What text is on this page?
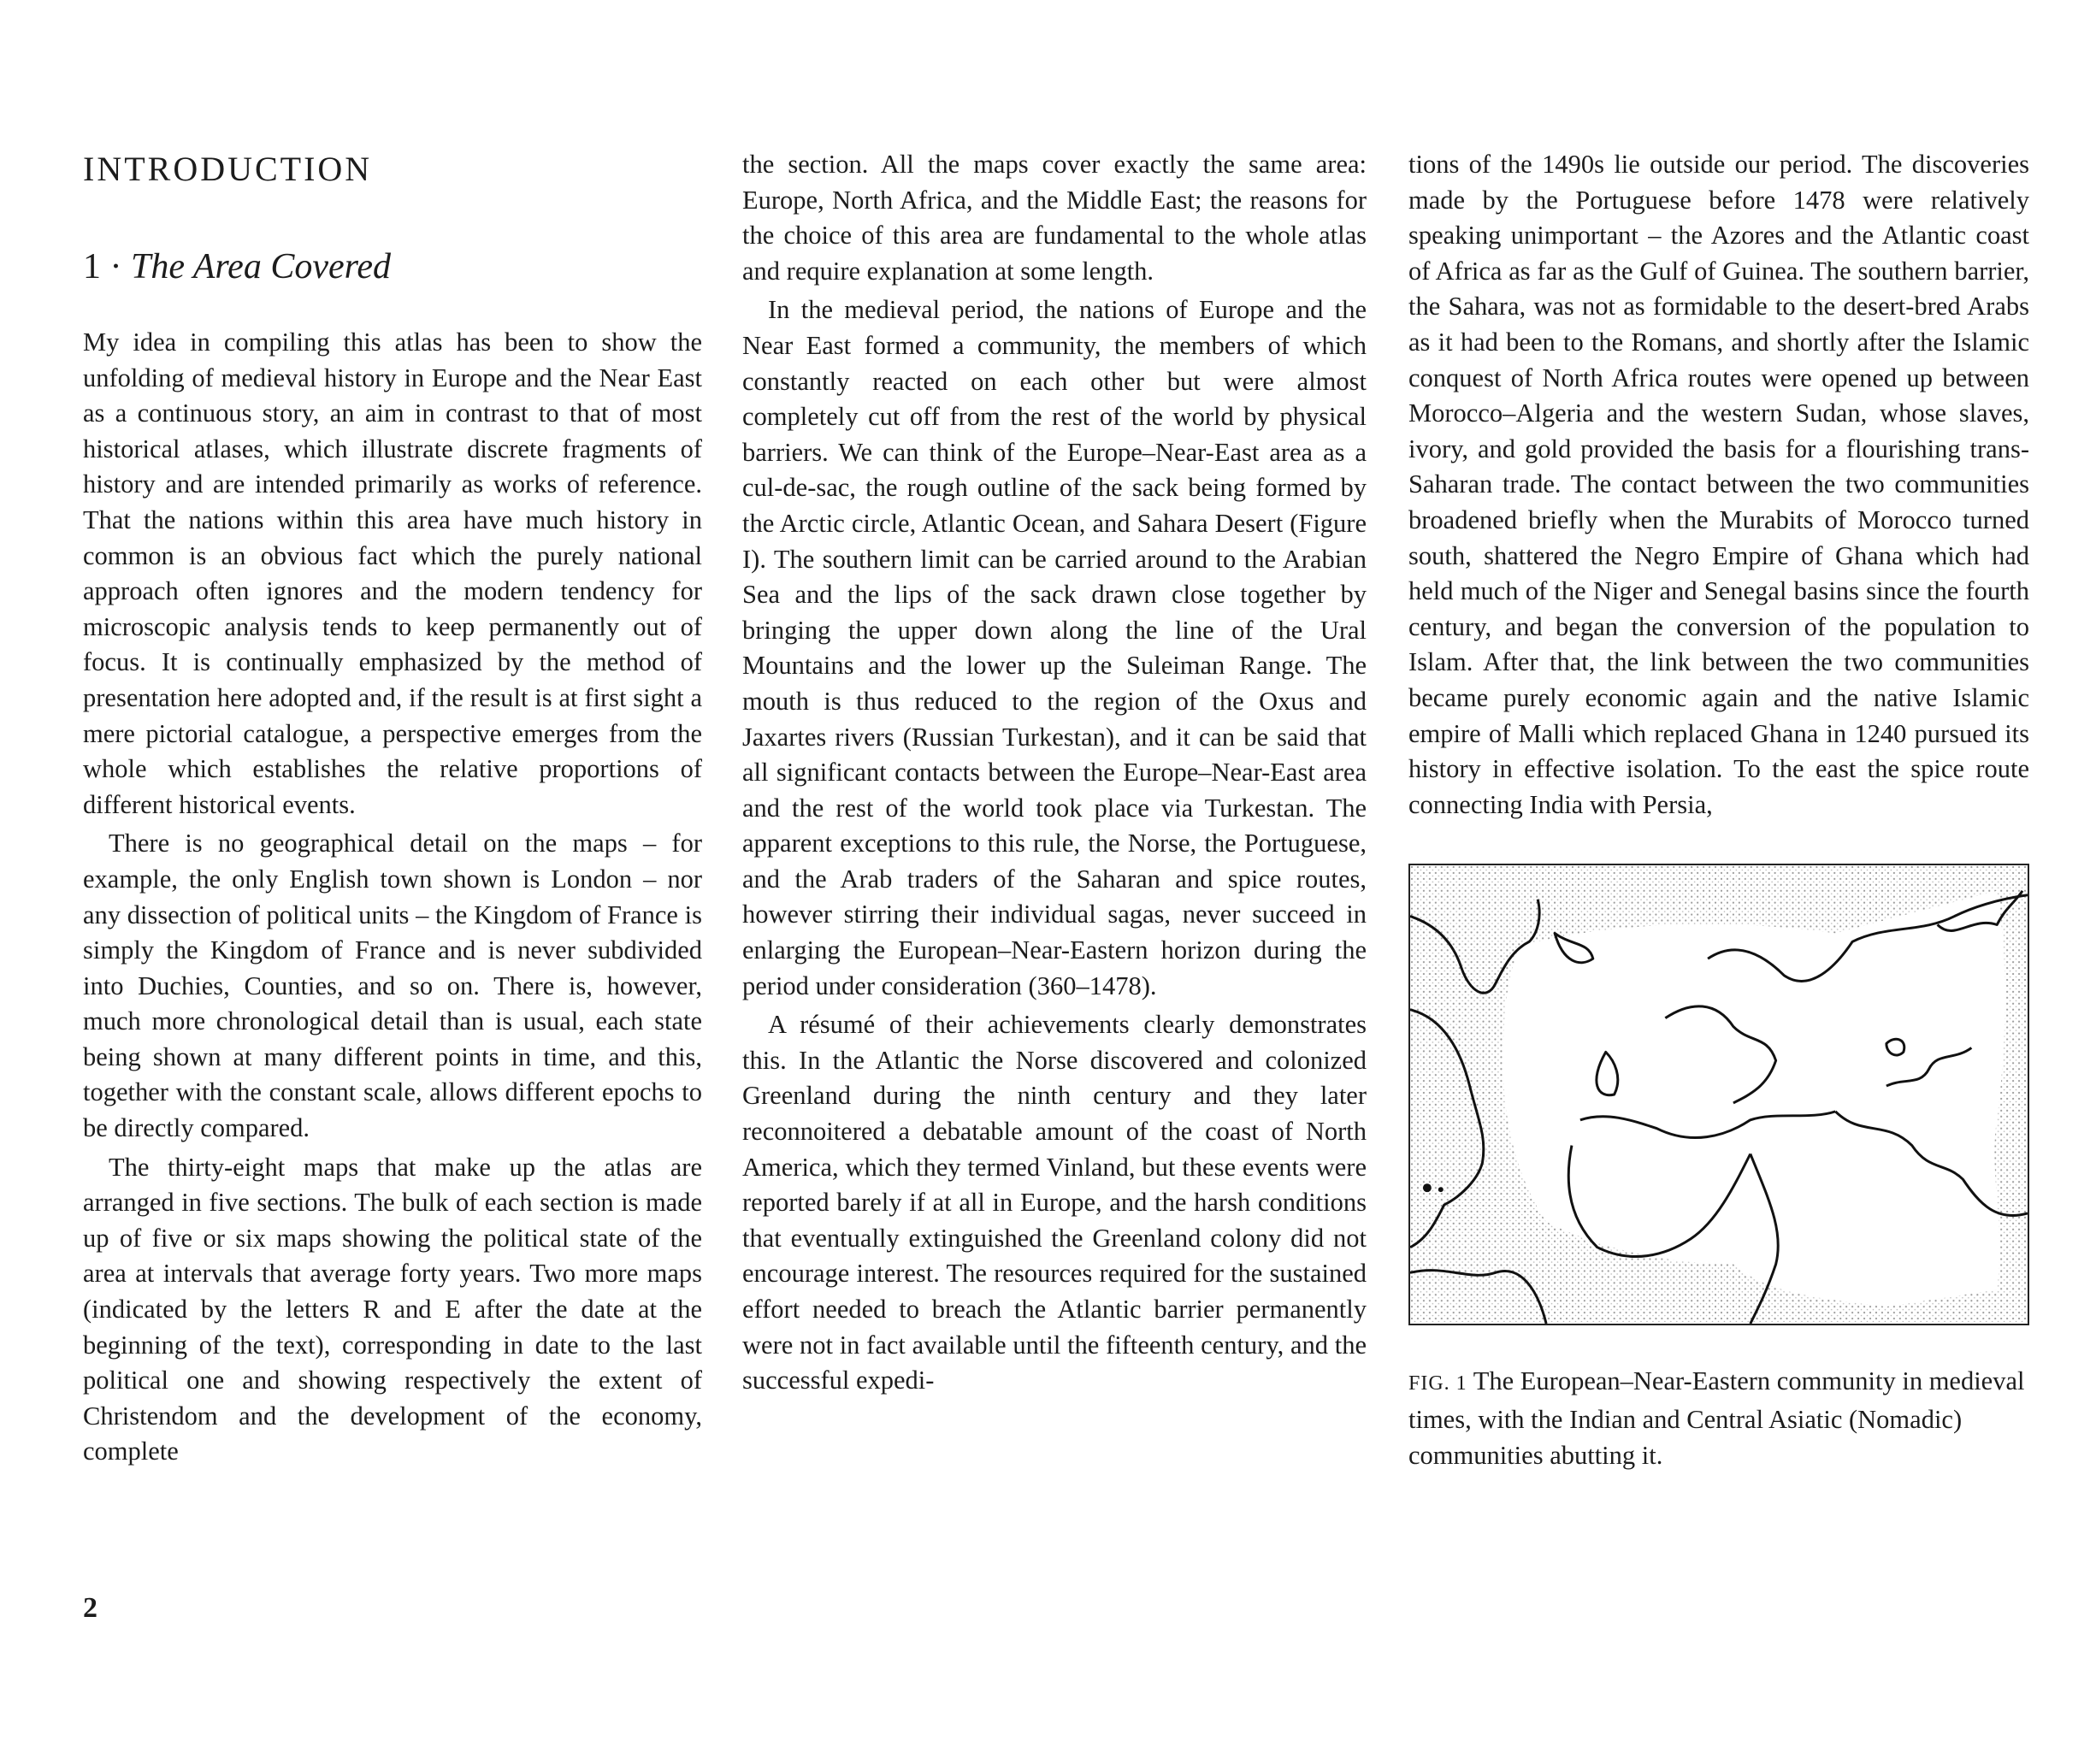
INTRODUCTION
1 · The Area Covered

My idea in compiling this atlas has been to show the unfolding of medieval history in Europe and the Near East as a continuous story, an aim in contrast to that of most historical atlases, which illustrate discrete fragments of history and are intended primarily as works of reference. That the nations within this area have much history in common is an obvious fact which the purely national approach often ignores and the modern tendency for microscopic analysis tends to keep permanently out of focus. It is continually emphasized by the method of presentation here adopted and, if the result is at first sight a mere pictorial catalogue, a perspective emerges from the whole which establishes the relative proportions of different historical events.

There is no geographical detail on the maps – for example, the only English town shown is London – nor any dissection of political units – the Kingdom of France is simply the Kingdom of France and is never subdivided into Duchies, Counties, and so on. There is, however, much more chronological detail than is usual, each state being shown at many different points in time, and this, together with the constant scale, allows different epochs to be directly compared.

The thirty-eight maps that make up the atlas are arranged in five sections. The bulk of each section is made up of five or six maps showing the political state of the area at intervals that average forty years. Two more maps (indicated by the letters R and E after the date at the beginning of the text), corresponding in date to the last political one and showing respectively the extent of Christendom and the development of the economy, complete

the section. All the maps cover exactly the same area: Europe, North Africa, and the Middle East; the reasons for the choice of this area are fundamental to the whole atlas and require explanation at some length.

In the medieval period, the nations of Europe and the Near East formed a community, the members of which constantly reacted on each other but were almost completely cut off from the rest of the world by physical barriers. We can think of the Europe–Near-East area as a cul-de-sac, the rough outline of the sack being formed by the Arctic circle, Atlantic Ocean, and Sahara Desert (Figure I). The southern limit can be carried around to the Arabian Sea and the lips of the sack drawn close together by bringing the upper down along the line of the Ural Mountains and the lower up the Suleiman Range. The mouth is thus reduced to the region of the Oxus and Jaxartes rivers (Russian Turkestan), and it can be said that all significant contacts between the Europe–Near-East area and the rest of the world took place via Turkestan. The apparent exceptions to this rule, the Norse, the Portuguese, and the Arab traders of the Saharan and spice routes, however stirring their individual sagas, never succeed in enlarging the European–Near-Eastern horizon during the period under consideration (360–1478).

A résumé of their achievements clearly demonstrates this. In the Atlantic the Norse discovered and colonized Greenland during the ninth century and they later reconnoitered a debatable amount of the coast of North America, which they termed Vinland, but these events were reported barely if at all in Europe, and the harsh conditions that eventually extinguished the Greenland colony did not encourage interest. The resources required for the sustained effort needed to breach the Atlantic barrier permanently were not in fact available until the fifteenth century, and the successful expedi-

tions of the 1490s lie outside our period. The discoveries made by the Portuguese before 1478 were relatively speaking unimportant – the Azores and the Atlantic coast of Africa as far as the Gulf of Guinea. The southern barrier, the Sahara, was not as formidable to the desert-bred Arabs as it had been to the Romans, and shortly after the Islamic conquest of North Africa routes were opened up between Morocco–Algeria and the western Sudan, whose slaves, ivory, and gold provided the basis for a flourishing trans-Saharan trade. The contact between the two communities broadened briefly when the Murabits of Morocco turned south, shattered the Negro Empire of Ghana which had held much of the Niger and Senegal basins since the fourth century, and began the conversion of the population to Islam. After that, the link between the two communities became purely economic again and the native Islamic empire of Malli which replaced Ghana in 1240 pursued its history in effective isolation. To the east the spice route connecting India with Persia,

FIG. 1 The European–Near-Eastern community in medieval times, with the Indian and Central Asiatic (Nomadic) communities abutting it.
2
